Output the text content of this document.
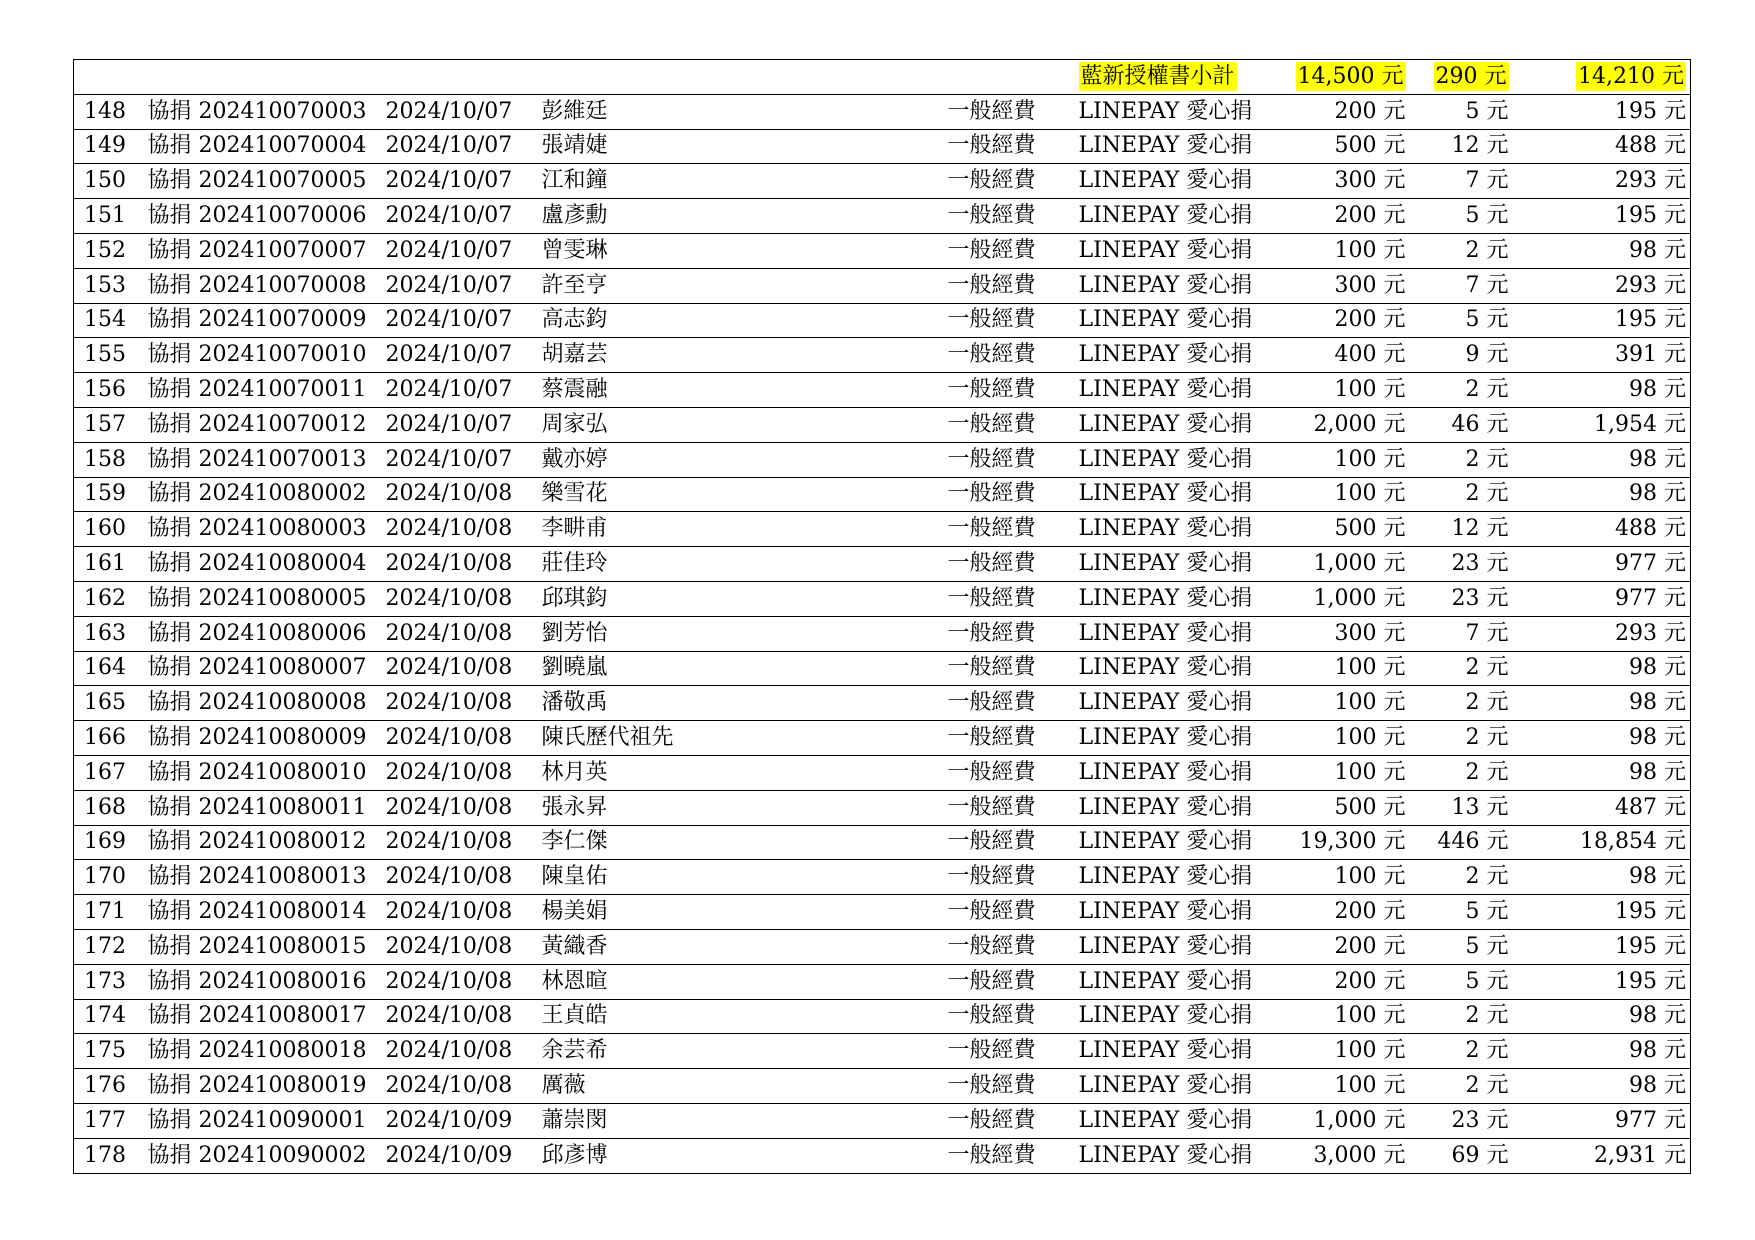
					藍新授權書小計	14,500 元	290 元	14,210 元
148	協捐 202410070003	2024/10/07	彭維廷	一般經費	LINEPAY 愛心捐	200 元	5 元	195 元
149	協捐 202410070004	2024/10/07	張靖婕	一般經費	LINEPAY 愛心捐	500 元	12 元	488 元
150	協捐 202410070005	2024/10/07	江和鐘	一般經費	LINEPAY 愛心捐	300 元	7 元	293 元
151	協捐 202410070006	2024/10/07	盧彥勳	一般經費	LINEPAY 愛心捐	200 元	5 元	195 元
152	協捐 202410070007	2024/10/07	曾雯琳	一般經費	LINEPAY 愛心捐	100 元	2 元	98 元
153	協捐 202410070008	2024/10/07	許至亨	一般經費	LINEPAY 愛心捐	300 元	7 元	293 元
154	協捐 202410070009	2024/10/07	高志鈞	一般經費	LINEPAY 愛心捐	200 元	5 元	195 元
155	協捐 202410070010	2024/10/07	胡嘉芸	一般經費	LINEPAY 愛心捐	400 元	9 元	391 元
156	協捐 202410070011	2024/10/07	蔡震融	一般經費	LINEPAY 愛心捐	100 元	2 元	98 元
157	協捐 202410070012	2024/10/07	周家弘	一般經費	LINEPAY 愛心捐	2,000 元	46 元	1,954 元
158	協捐 202410070013	2024/10/07	戴亦婷	一般經費	LINEPAY 愛心捐	100 元	2 元	98 元
159	協捐 202410080002	2024/10/08	樂雪花	一般經費	LINEPAY 愛心捐	100 元	2 元	98 元
160	協捐 202410080003	2024/10/08	李畊甫	一般經費	LINEPAY 愛心捐	500 元	12 元	488 元
161	協捐 202410080004	2024/10/08	莊佳玲	一般經費	LINEPAY 愛心捐	1,000 元	23 元	977 元
162	協捐 202410080005	2024/10/08	邱琪鈞	一般經費	LINEPAY 愛心捐	1,000 元	23 元	977 元
163	協捐 202410080006	2024/10/08	劉芳怡	一般經費	LINEPAY 愛心捐	300 元	7 元	293 元
164	協捐 202410080007	2024/10/08	劉曉嵐	一般經費	LINEPAY 愛心捐	100 元	2 元	98 元
165	協捐 202410080008	2024/10/08	潘敬禹	一般經費	LINEPAY 愛心捐	100 元	2 元	98 元
166	協捐 202410080009	2024/10/08	陳氏歷代祖先	一般經費	LINEPAY 愛心捐	100 元	2 元	98 元
167	協捐 202410080010	2024/10/08	林月英	一般經費	LINEPAY 愛心捐	100 元	2 元	98 元
168	協捐 202410080011	2024/10/08	張永昇	一般經費	LINEPAY 愛心捐	500 元	13 元	487 元
169	協捐 202410080012	2024/10/08	李仁傑	一般經費	LINEPAY 愛心捐	19,300 元	446 元	18,854 元
170	協捐 202410080013	2024/10/08	陳皇佑	一般經費	LINEPAY 愛心捐	100 元	2 元	98 元
171	協捐 202410080014	2024/10/08	楊美娟	一般經費	LINEPAY 愛心捐	200 元	5 元	195 元
172	協捐 202410080015	2024/10/08	黃織香	一般經費	LINEPAY 愛心捐	200 元	5 元	195 元
173	協捐 202410080016	2024/10/08	林恩暄	一般經費	LINEPAY 愛心捐	200 元	5 元	195 元
174	協捐 202410080017	2024/10/08	王貞皓	一般經費	LINEPAY 愛心捐	100 元	2 元	98 元
175	協捐 202410080018	2024/10/08	余芸希	一般經費	LINEPAY 愛心捐	100 元	2 元	98 元
176	協捐 202410080019	2024/10/08	厲薇	一般經費	LINEPAY 愛心捐	100 元	2 元	98 元
177	協捐 202410090001	2024/10/09	蕭崇閔	一般經費	LINEPAY 愛心捐	1,000 元	23 元	977 元
178	協捐 202410090002	2024/10/09	邱彥博	一般經費	LINEPAY 愛心捐	3,000 元	69 元	2,931 元
